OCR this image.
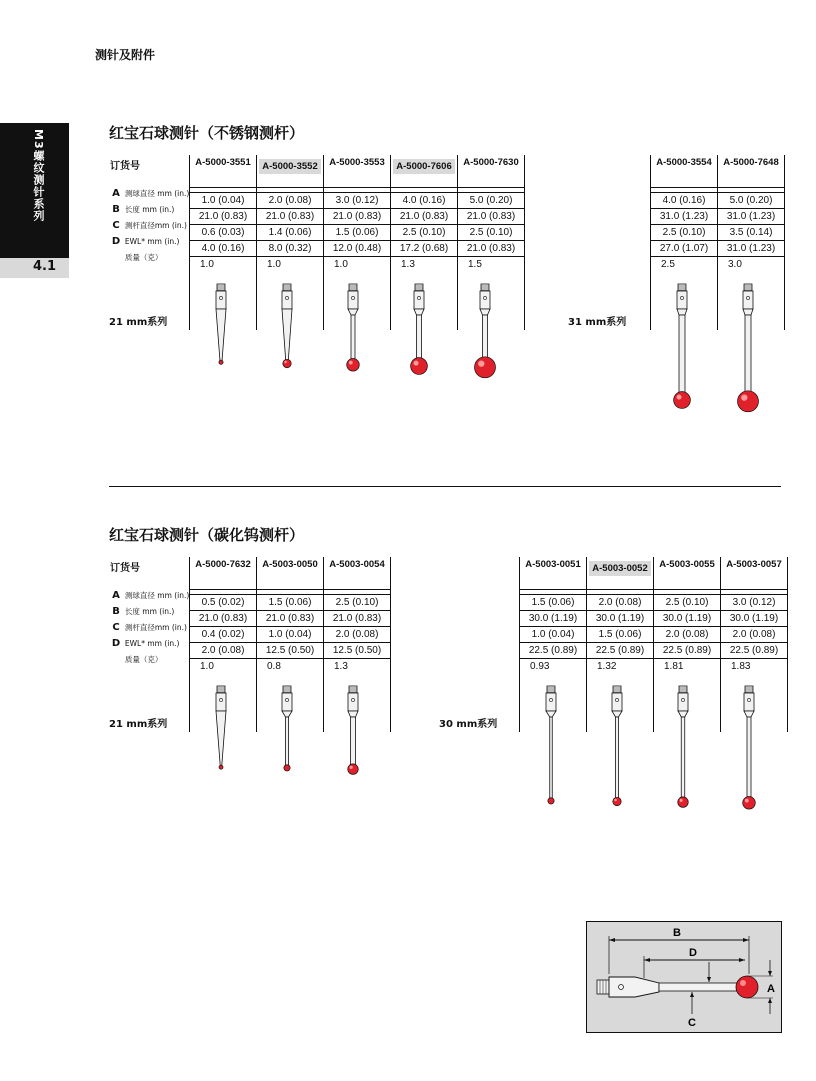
测针及附件
M3螺纹测针系列
4.1
红宝石球测针（不锈钢测杆）
订货号
A 测球直径 mm (in.)
B 长度 mm (in.)
C 测杆直径mm (in.)
D EWL* mm (in.)
质量（克）
A-5000-3551	A-5000-3552	A-5000-3553	A-5000-7606	A-5000-7630

1.0 (0.04)	2.0 (0.08)	3.0 (0.12)	4.0 (0.16)	5.0 (0.20)
21.0 (0.83)	21.0 (0.83)	21.0 (0.83)	21.0 (0.83)	21.0 (0.83)
0.6 (0.03)	1.4 (0.06)	1.5 (0.06)	2.5 (0.10)	2.5 (0.10)
4.0 (0.16)	8.0 (0.32)	12.0 (0.48)	17.2 (0.68)	21.0 (0.83)
1.0	1.0	1.0	1.3	1.5

A-5000-3554	A-5000-7648

4.0 (0.16)	5.0 (0.20)
31.0 (1.23)	31.0 (1.23)
2.5 (0.10)	3.5 (0.14)
27.0 (1.07)	31.0 (1.23)
2.5	3.0

21 mm系列	31 mm系列
红宝石球测针（碳化钨测杆）
订货号
A 测球直径 mm (in.)
B 长度 mm (in.)
C 测杆直径mm (in.)
D EWL* mm (in.)
质量（克）
A-5000-7632	A-5003-0050	A-5003-0054

0.5 (0.02)	1.5 (0.06)	2.5 (0.10)
21.0 (0.83)	21.0 (0.83)	21.0 (0.83)
0.4 (0.02)	1.0 (0.04)	2.0 (0.08)
2.0 (0.08)	12.5 (0.50)	12.5 (0.50)
1.0	0.8	1.3

A-5003-0051	A-5003-0052	A-5003-0055	A-5003-0057

1.5 (0.06)	2.0 (0.08)	2.5 (0.10)	3.0 (0.12)
30.0 (1.19)	30.0 (1.19)	30.0 (1.19)	30.0 (1.19)
1.0 (0.04)	1.5 (0.06)	2.0 (0.08)	2.0 (0.08)
22.5 (0.89)	22.5 (0.89)	22.5 (0.89)	22.5 (0.89)
0.93	1.32	1.81	1.83

21 mm系列	30 mm系列
B
D
C
A
